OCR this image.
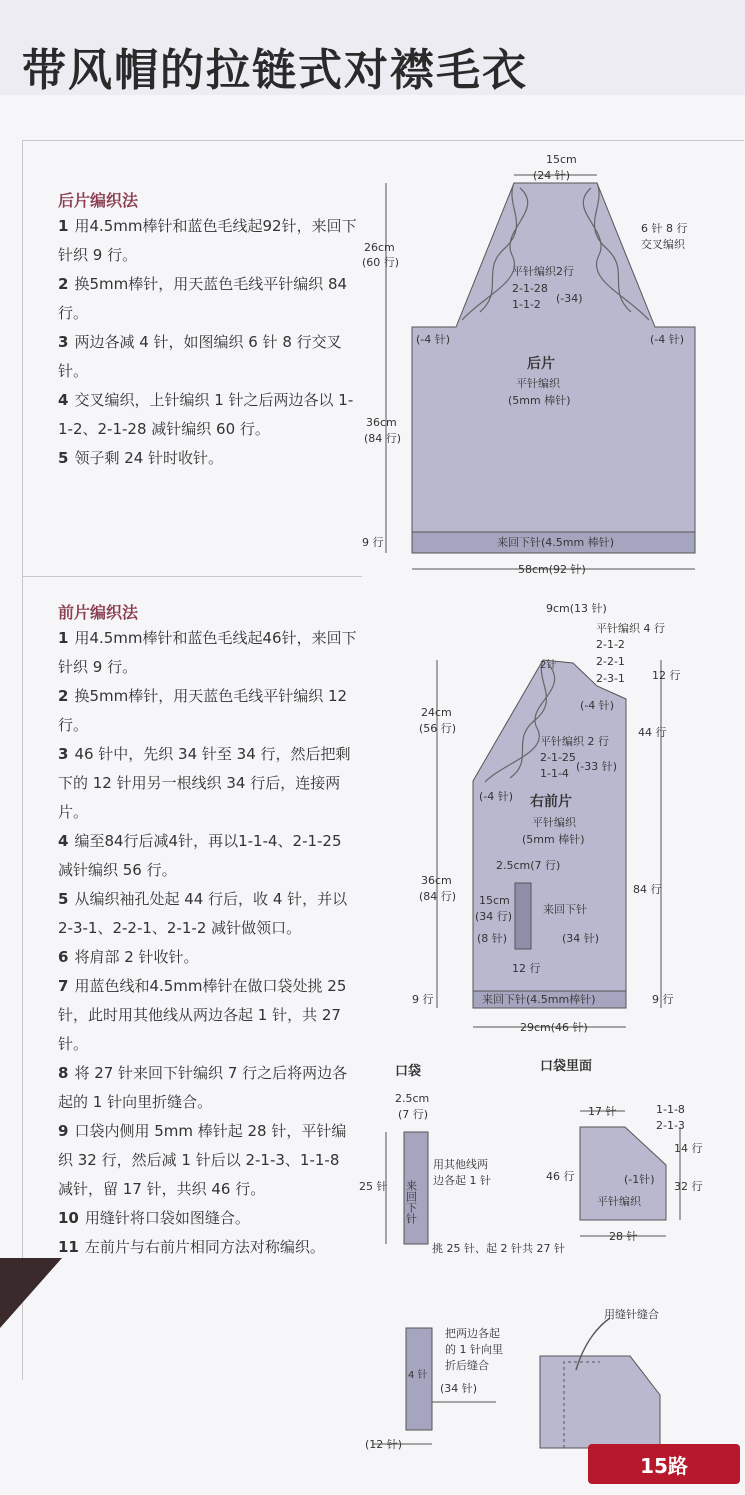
带风帽的拉链式对襟毛衣
后片编织法
1 用4.5mm棒针和蓝色毛线起92针，来回下针织 9 行。
2 换5mm棒针，用天蓝色毛线平针编织 84 行。
3 两边各减 4 针，如图编织 6 针 8 行交叉针。
4 交叉编织，上针编织 1 针之后两边各以 1-1-2、2-1-28 减针编织 60 行。
5 领子剩 24 针时收针。
前片编织法
1 用4.5mm棒针和蓝色毛线起46针，来回下针织 9 行。
2 换5mm棒针，用天蓝色毛线平针编织 12 行。
3 46 针中，先织 34 针至 34 行，然后把剩下的 12 针用另一根线织 34 行后，连接两片。
4 编至84行后减4针，再以1-1-4、2-1-25 减针编织 56 行。
5 从编织袖孔处起 44 行后，收 4 针，并以 2-3-1、2-2-1、2-1-2 减针做领口。
6 将肩部 2 针收针。
7 用蓝色线和4.5mm棒针在做口袋处挑 25 针，此时用其他线从两边各起 1 针，共 27 针。
8 将 27 针来回下针编织 7 行之后将两边各起的 1 针向里折缝合。
9 口袋内侧用 5mm 棒针起 28 针，平针编织 32 行，然后减 1 针后以 2-1-3、1-1-8 减针，留 17 针，共织 46 行。
10 用缝针将口袋如图缝合。
11 左前片与右前片相同方法对称编织。
15cm
(24 针)
6 针 8 行
交叉编织
26cm
(60 行)
平针编织2行
2-1-28
1-1-2 (-34)
(-4 针)	(-4 针)
后片
平针编织
(5mm 棒针)
36cm
(84 行)
9 行	来回下针(4.5mm 棒针)
58cm(92 针)
9cm(13 针)
平针编织 4 行
2-1-2
2-2-1
2-3-1
2针
12 行
(-4 针)
44 行
24cm
(56 行)
平针编织 2 行
2-1-25
1-1-4
(-33 针)
(-4 针) 右前片
平针编织
(5mm 棒针)
36cm
(84 行)
84 行
2.5cm(7 行)
15cm
(34 行)
来回下针
(8 针)	(34 针)
12 行
9 行	来回下针(4.5mm棒针)	9 行
29cm(46 针)
口袋
2.5cm
(7 行)
25 针 来回下针
用其他线两
边各起 1 针
挑 25 针、起 2 针共 27 针
口袋里面
17 针	1-1-8
2-1-3
14 行
32 行
46 行	(-1针)
平针编织
28 针
把两边各起
的 1 针向里
折后缝合
4 针
(34 针)
(12 针)
用缝针缝合
15路
